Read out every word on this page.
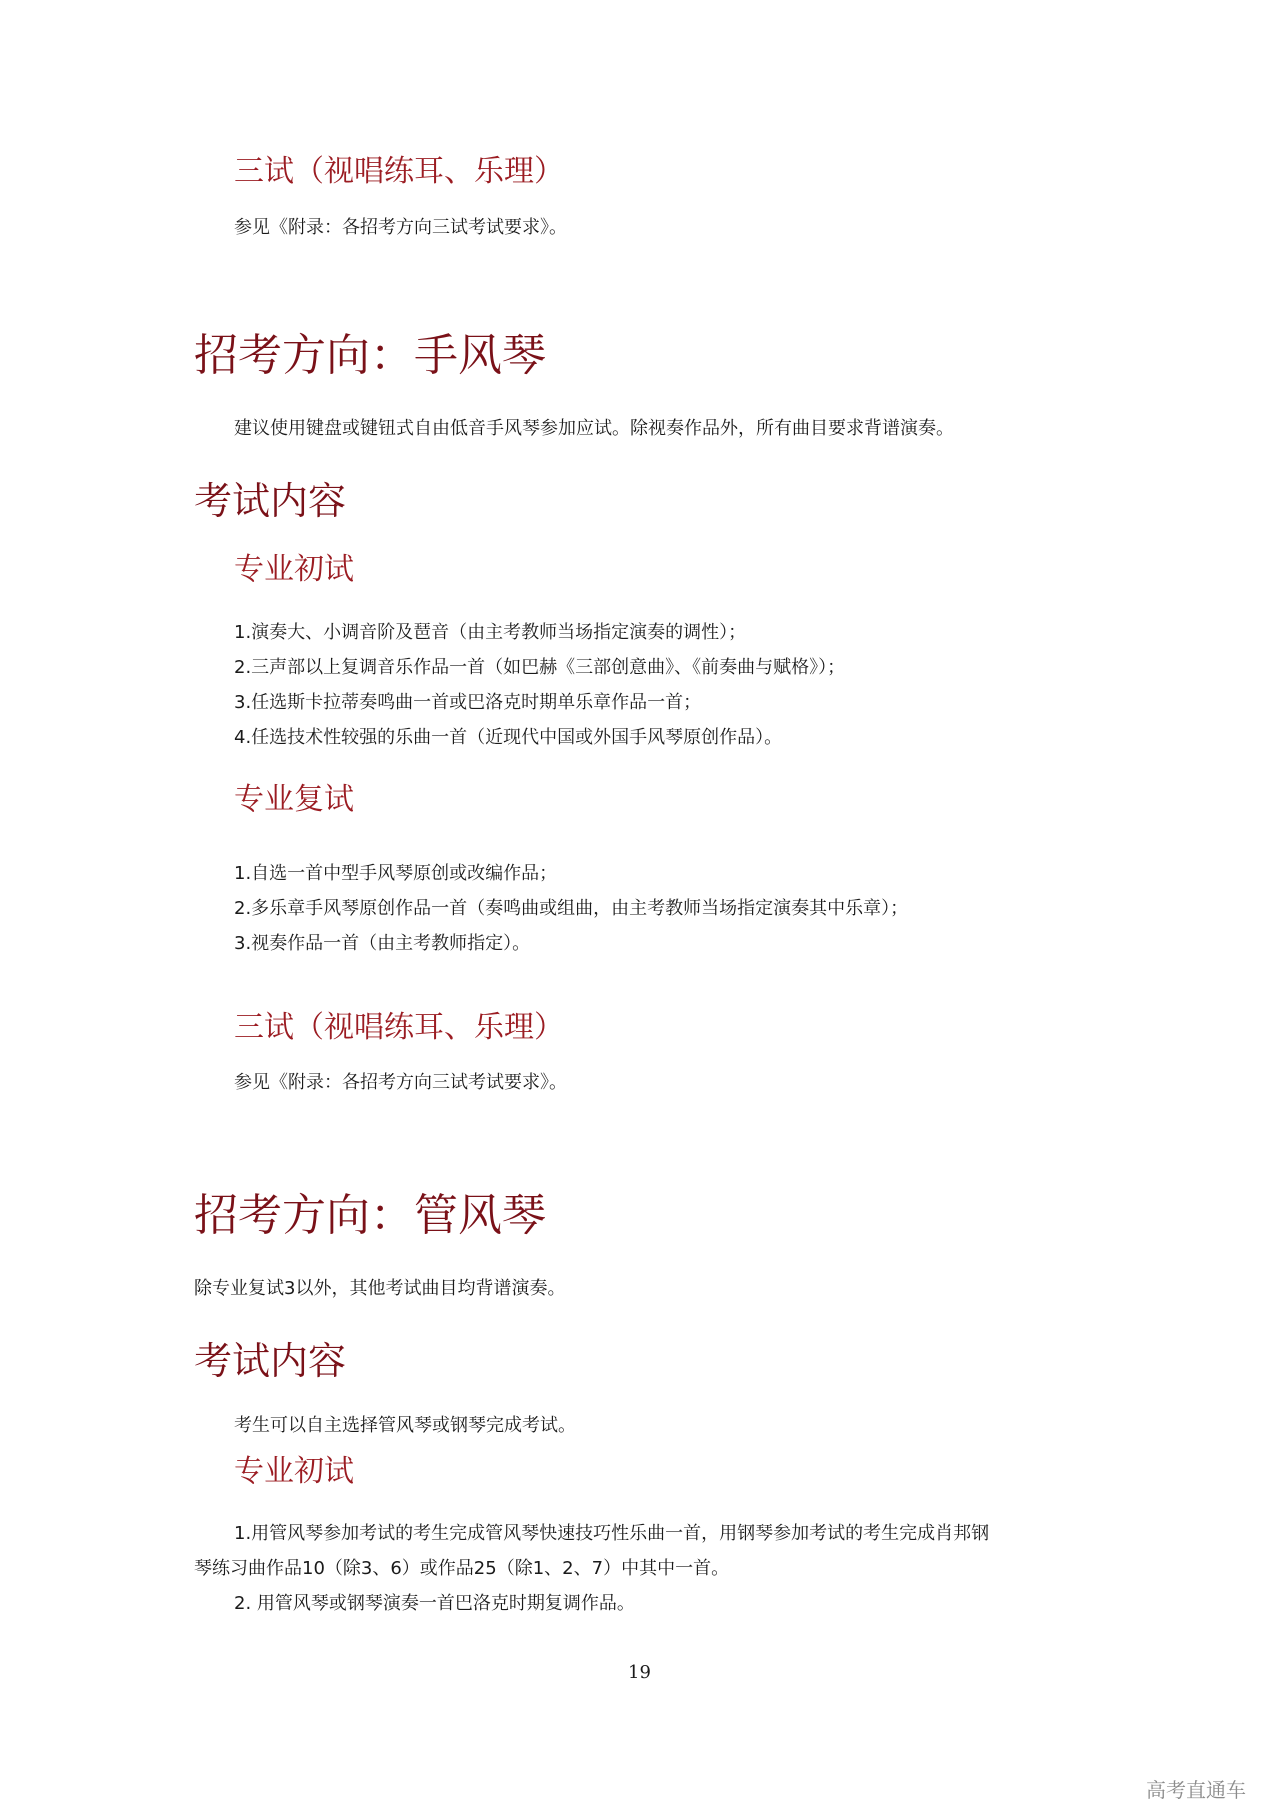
三试（视唱练耳、乐理）
参见《附录：各招考方向三试考试要求》。
招考方向：手风琴
建议使用键盘或键钮式自由低音手风琴参加应试。除视奏作品外，所有曲目要求背谱演奏。
考试内容
专业初试
1.演奏大、小调音阶及琶音（由主考教师当场指定演奏的调性）；
2.三声部以上复调音乐作品一首（如巴赫《三部创意曲》、《前奏曲与赋格》）；
3.任选斯卡拉蒂奏鸣曲一首或巴洛克时期单乐章作品一首；
4.任选技术性较强的乐曲一首（近现代中国或外国手风琴原创作品）。
专业复试
1.自选一首中型手风琴原创或改编作品；
2.多乐章手风琴原创作品一首（奏鸣曲或组曲，由主考教师当场指定演奏其中乐章）；
3.视奏作品一首（由主考教师指定）。
三试（视唱练耳、乐理）
参见《附录：各招考方向三试考试要求》。
招考方向：管风琴
除专业复试3以外，其他考试曲目均背谱演奏。
考试内容
考生可以自主选择管风琴或钢琴完成考试。
专业初试
1.用管风琴参加考试的考生完成管风琴快速技巧性乐曲一首，用钢琴参加考试的考生完成肖邦钢
琴练习曲作品10（除3、6）或作品25（除1、2、7）中其中一首。
2. 用管风琴或钢琴演奏一首巴洛克时期复调作品。
19
高考直通车
